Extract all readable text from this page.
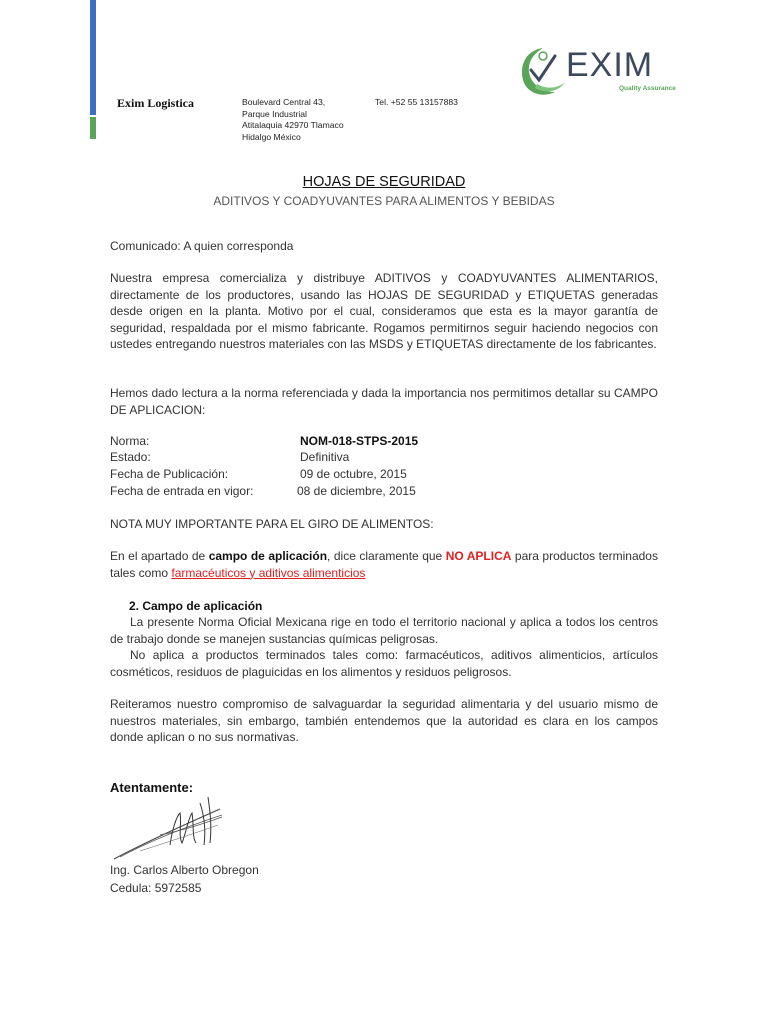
Exim Logistica	Boulevard Central 43,
Parque Industrial
Atitalaquia 42970 Tlamaco
Hidalgo México
Tel. +52 55 13157883
EXIM
Quality Assurance
HOJAS DE SEGURIDAD
ADITIVOS Y COADYUVANTES PARA ALIMENTOS Y BEBIDAS
Comunicado: A quien corresponda
Nuestra empresa comercializa y distribuye ADITIVOS y COADYUVANTES ALIMENTARIOS, directamente de los productores, usando las HOJAS DE SEGURIDAD y ETIQUETAS generadas desde origen en la planta. Motivo por el cual, consideramos que esta es la mayor garantía de seguridad, respaldada por el mismo fabricante. Rogamos permitirnos seguir haciendo negocios con ustedes entregando nuestros materiales con las MSDS y ETIQUETAS directamente de los fabricantes.
Hemos dado lectura a la norma referenciada y dada la importancia nos permitimos detallar su CAMPO DE APLICACION:
Norma:	NOM-018-STPS-2015
Estado:	Definitiva
Fecha de Publicación:	09 de octubre, 2015
Fecha de entrada en vigor:	08 de diciembre, 2015
NOTA MUY IMPORTANTE PARA EL GIRO DE ALIMENTOS:
En el apartado de campo de aplicación, dice claramente que NO APLICA para productos terminados tales como farmacéuticos y aditivos alimenticios
2. Campo de aplicación
La presente Norma Oficial Mexicana rige en todo el territorio nacional y aplica a todos los centros de trabajo donde se manejen sustancias químicas peligrosas.
No aplica a productos terminados tales como: farmacéuticos, aditivos alimenticios, artículos cosméticos, residuos de plaguicidas en los alimentos y residuos peligrosos.
Reiteramos nuestro compromiso de salvaguardar la seguridad alimentaria y del usuario mismo de nuestros materiales, sin embargo, también entendemos que la autoridad es clara en los campos donde aplican o no sus normativas.
Atentamente:
Ing. Carlos Alberto Obregon
Cedula: 5972585
